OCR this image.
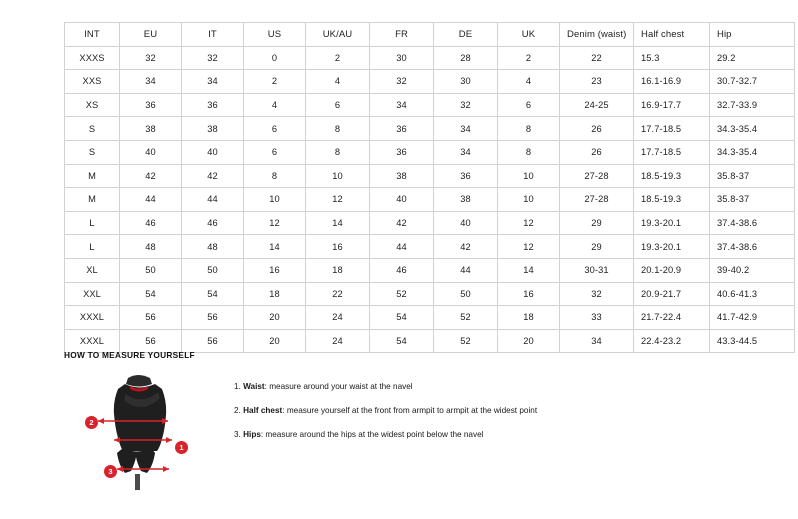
INT	EU	IT	US	UK/AU	FR	DE	UK	Denim (waist)	Half chest	Hip
XXXS	32	32	0	2	30	28	2	22	15.3	29.2
XXS	34	34	2	4	32	30	4	23	16.1-16.9	30.7-32.7
XS	36	36	4	6	34	32	6	24-25	16.9-17.7	32.7-33.9
S	38	38	6	8	36	34	8	26	17.7-18.5	34.3-35.4
S	40	40	6	8	36	34	8	26	17.7-18.5	34.3-35.4
M	42	42	8	10	38	36	10	27-28	18.5-19.3	35.8-37
M	44	44	10	12	40	38	10	27-28	18.5-19.3	35.8-37
L	46	46	12	14	42	40	12	29	19.3-20.1	37.4-38.6
L	48	48	14	16	44	42	12	29	19.3-20.1	37.4-38.6
XL	50	50	16	18	46	44	14	30-31	20.1-20.9	39-40.2
XXL	54	54	18	22	52	50	16	32	20.9-21.7	40.6-41.3
XXXL	56	56	20	24	54	52	18	33	21.7-22.4	41.7-42.9
XXXL	56	56	20	24	54	52	20	34	22.4-23.2	43.3-44.5
HOW TO MEASURE YOURSELF
1
2
3

1. Waist: measure around your waist at the navel

2. Half chest: measure yourself at the front from armpit to armpit at the widest point

3. Hips: measure around the hips at the widest point below the navel
